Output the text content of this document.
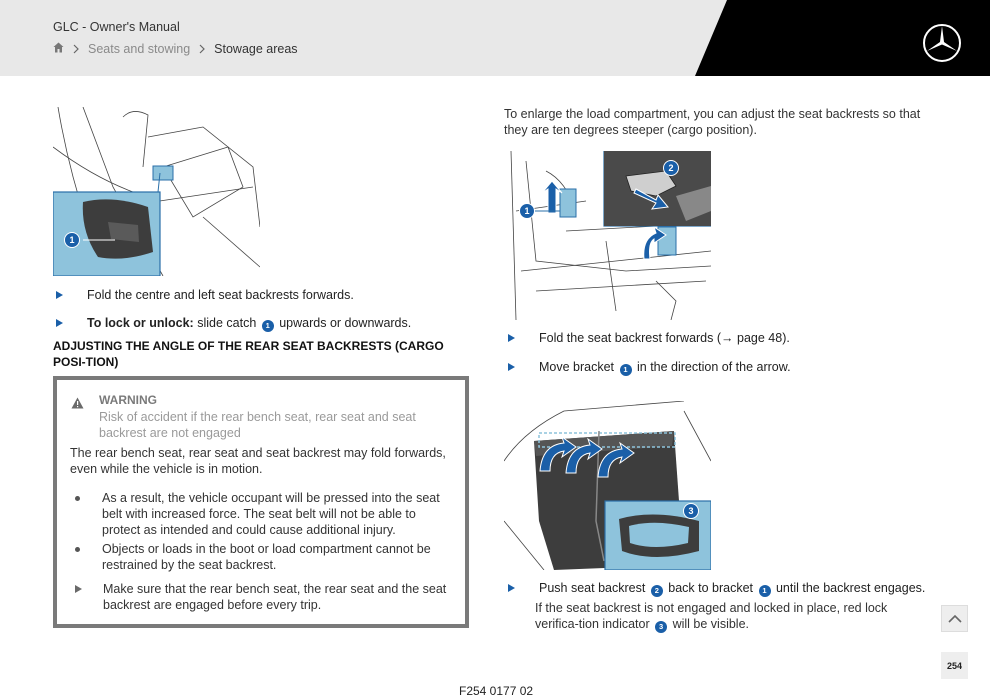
GLC - Owner's Manual
Seats and stowing Stowage areas
1
Fold the centre and left seat backrests forwards.
To lock or unlock: slide catch 1 upwards or downwards.
ADJUSTING THE ANGLE OF THE REAR SEAT BACKRESTS (CARGO POSI-TION)
WARNING
Risk of accident if the rear bench seat, rear seat and seat backrest are not engaged
The rear bench seat, rear seat and seat backrest may fold forwards, even while the vehicle is in motion.
As a result, the vehicle occupant will be pressed into the seat belt with increased force. The seat belt will not be able to protect as intended and could cause additional injury.
Objects or loads in the boot or load compartment cannot be restrained by the seat backrest.
Make sure that the rear bench seat, the rear seat and the seat backrest are engaged before every trip.
To enlarge the load compartment, you can adjust the seat backrests so that they are ten degrees steeper (cargo position).
1
2
Fold the seat backrest forwards (→ page 48).
Move bracket 1 in the direction of the arrow.
3
Push seat backrest 2 back to bracket 1 until the backrest engages.
If the seat backrest is not engaged and locked in place, red lock verifica-tion indicator 3 will be visible.
F254 0177 02
254
